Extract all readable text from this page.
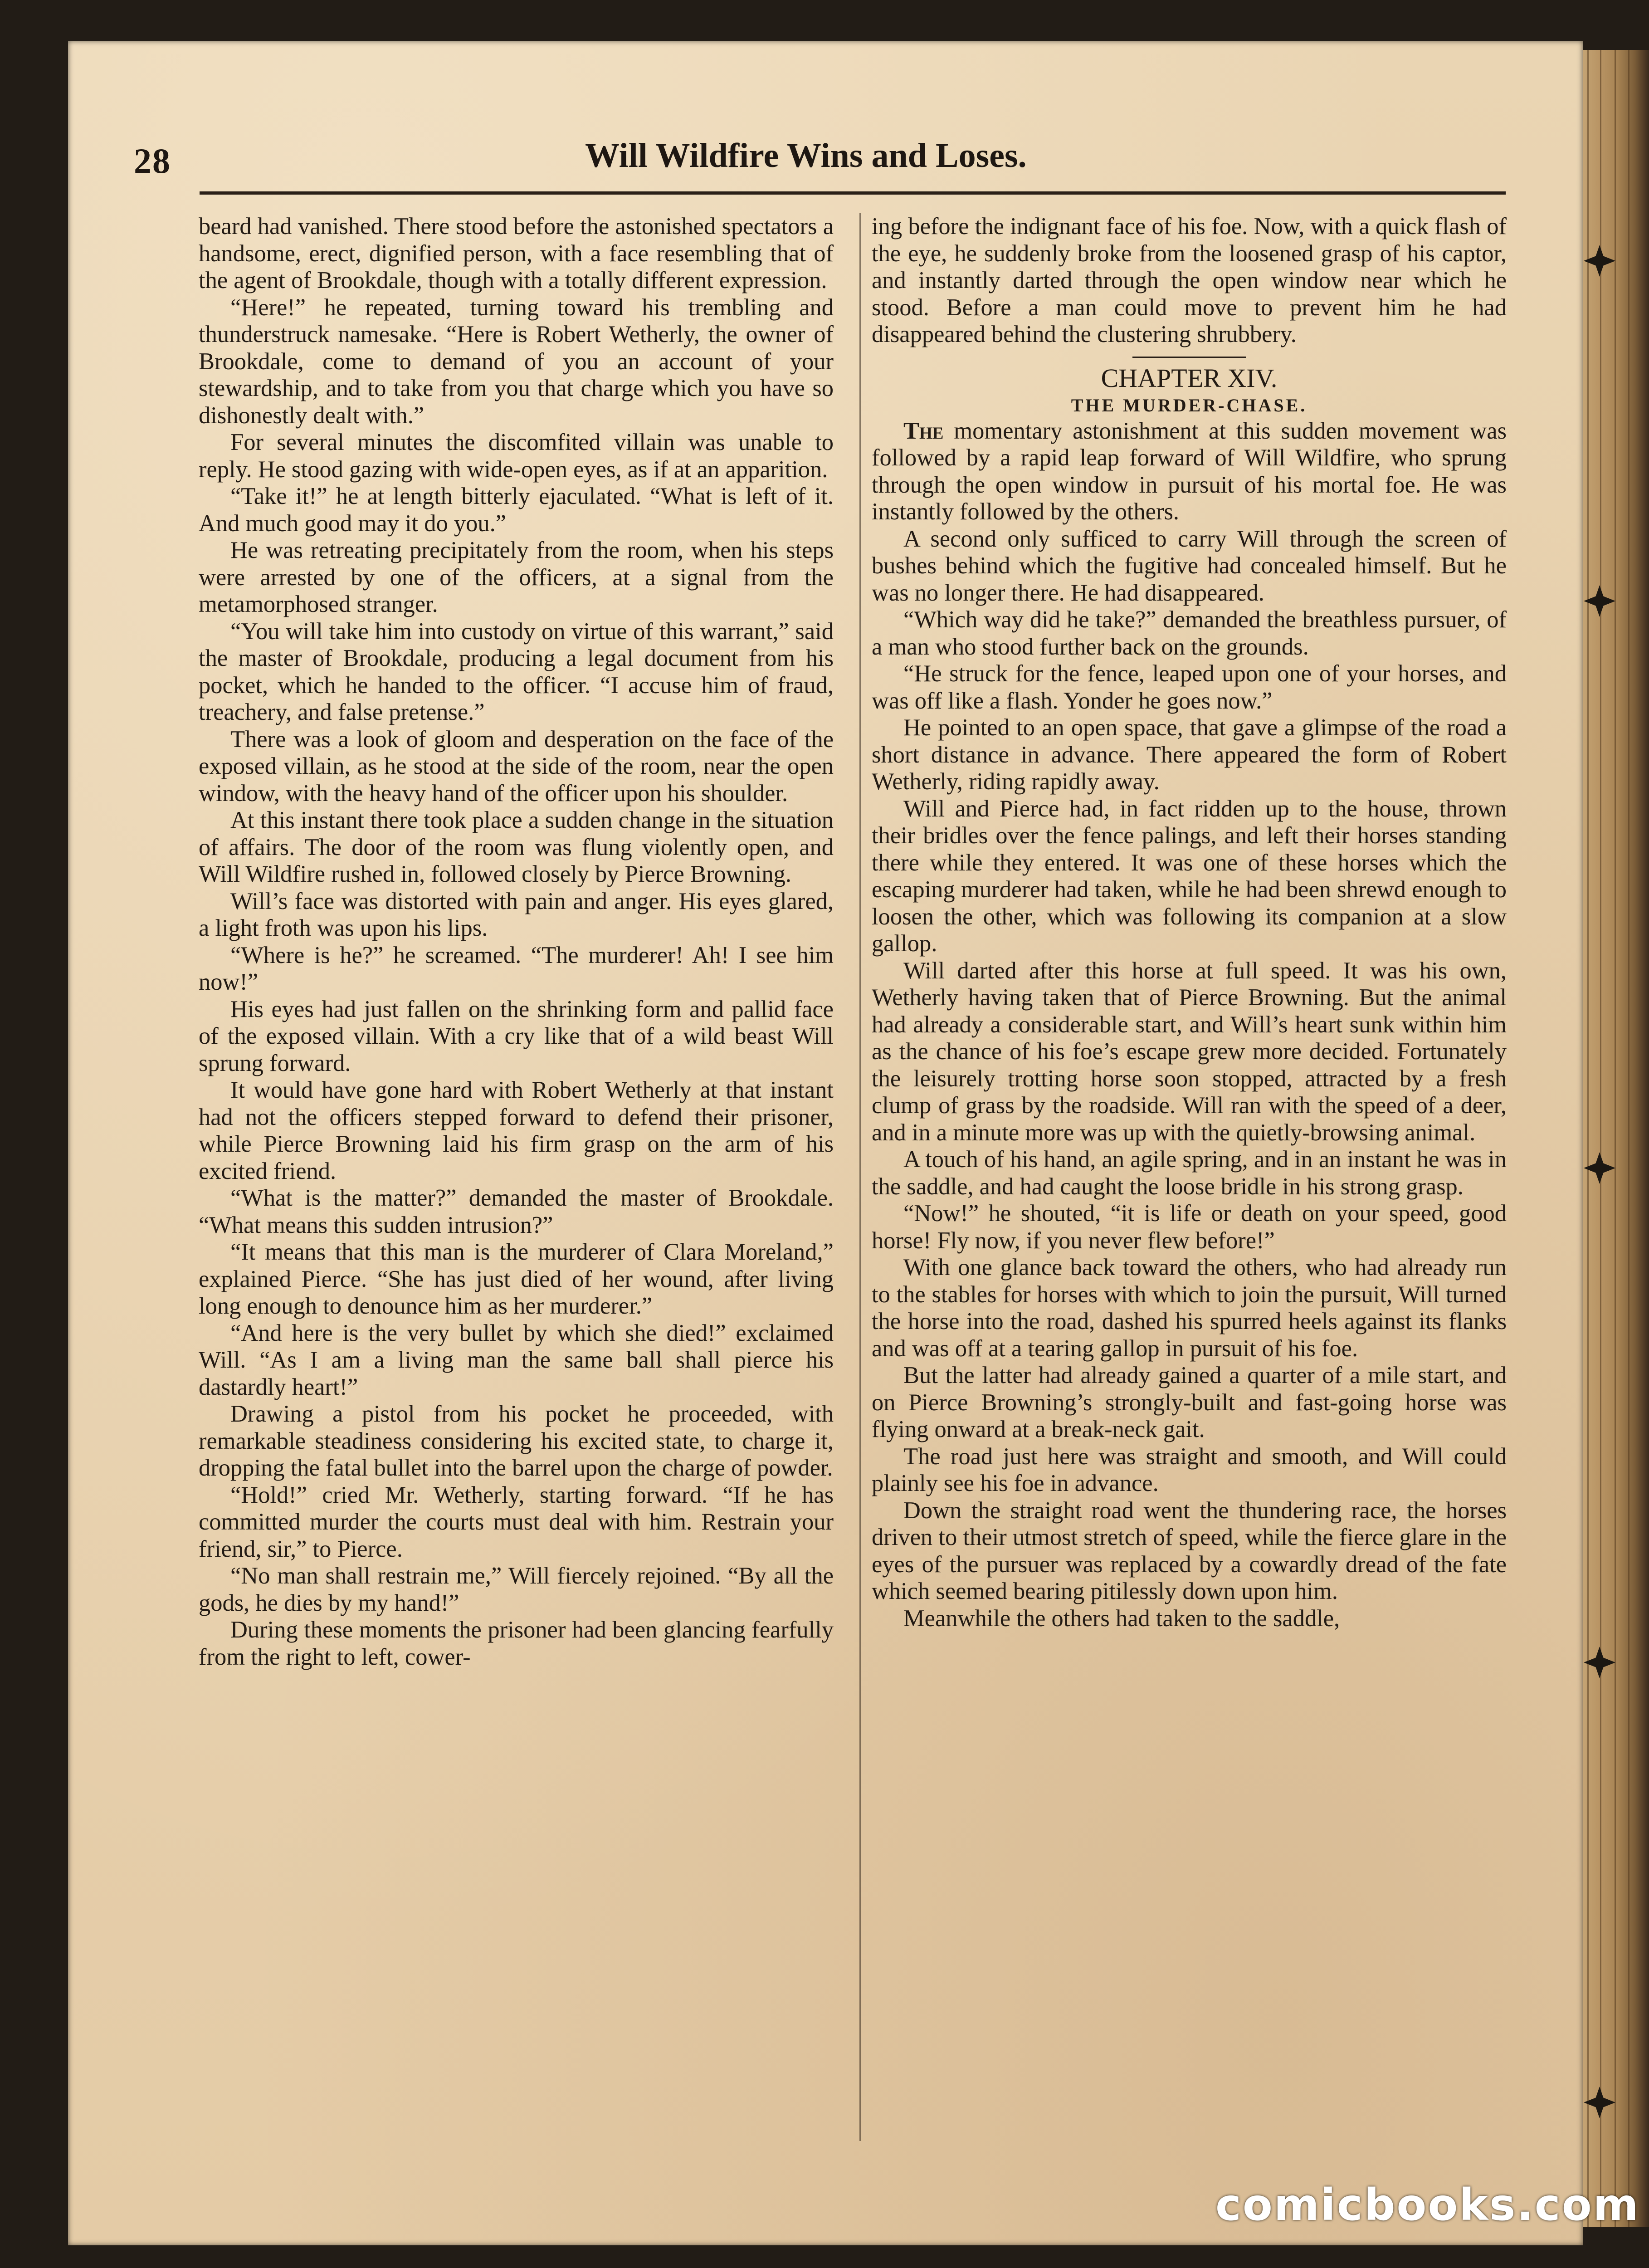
28	Will Wildfire Wins and Loses.

beard had vanished. There stood before the astonished spectators a handsome, erect, dignified person, with a face resembling that of the agent of Brookdale, though with a totally different expression.

“Here!” he repeated, turning toward his trembling and thunderstruck namesake. “Here is Robert Wetherly, the owner of Brookdale, come to demand of you an account of your stewardship, and to take from you that charge which you have so dishonestly dealt with.”

For several minutes the discomfited villain was unable to reply. He stood gazing with wide-open eyes, as if at an apparition.

“Take it!” he at length bitterly ejaculated. “What is left of it. And much good may it do you.”

He was retreating precipitately from the room, when his steps were arrested by one of the officers, at a signal from the metamorphosed stranger.

“You will take him into custody on virtue of this warrant,” said the master of Brookdale, producing a legal document from his pocket, which he handed to the officer. “I accuse him of fraud, treachery, and false pretense.”

There was a look of gloom and desperation on the face of the exposed villain, as he stood at the side of the room, near the open window, with the heavy hand of the officer upon his shoulder.

At this instant there took place a sudden change in the situation of affairs. The door of the room was flung violently open, and Will Wildfire rushed in, followed closely by Pierce Browning.

Will’s face was distorted with pain and anger. His eyes glared, a light froth was upon his lips.

“Where is he?” he screamed. “The murderer! Ah! I see him now!”

His eyes had just fallen on the shrinking form and pallid face of the exposed villain. With a cry like that of a wild beast Will sprung forward.

It would have gone hard with Robert Wetherly at that instant had not the officers stepped forward to defend their prisoner, while Pierce Browning laid his firm grasp on the arm of his excited friend.

“What is the matter?” demanded the master of Brookdale. “What means this sudden intrusion?”

“It means that this man is the murderer of Clara Moreland,” explained Pierce. “She has just died of her wound, after living long enough to denounce him as her murderer.”

“And here is the very bullet by which she died!” exclaimed Will. “As I am a living man the same ball shall pierce his dastardly heart!”

Drawing a pistol from his pocket he proceeded, with remarkable steadiness considering his excited state, to charge it, dropping the fatal bullet into the barrel upon the charge of powder.

“Hold!” cried Mr. Wetherly, starting forward. “If he has committed murder the courts must deal with him. Restrain your friend, sir,” to Pierce.

“No man shall restrain me,” Will fiercely rejoined. “By all the gods, he dies by my hand!”

During these moments the prisoner had been glancing fearfully from the right to left, cower-

ing before the indignant face of his foe. Now, with a quick flash of the eye, he suddenly broke from the loosened grasp of his captor, and instantly darted through the open window near which he stood. Before a man could move to prevent him he had disappeared behind the clustering shrubbery.

CHAPTER XIV.

THE MURDER-CHASE.

The momentary astonishment at this sudden movement was followed by a rapid leap forward of Will Wildfire, who sprung through the open window in pursuit of his mortal foe. He was instantly followed by the others.

A second only sufficed to carry Will through the screen of bushes behind which the fugitive had concealed himself. But he was no longer there. He had disappeared.

“Which way did he take?” demanded the breathless pursuer, of a man who stood further back on the grounds.

“He struck for the fence, leaped upon one of your horses, and was off like a flash. Yonder he goes now.”

He pointed to an open space, that gave a glimpse of the road a short distance in advance. There appeared the form of Robert Wetherly, riding rapidly away.

Will and Pierce had, in fact ridden up to the house, thrown their bridles over the fence palings, and left their horses standing there while they entered. It was one of these horses which the escaping murderer had taken, while he had been shrewd enough to loosen the other, which was following its companion at a slow gallop.

Will darted after this horse at full speed. It was his own, Wetherly having taken that of Pierce Browning. But the animal had already a considerable start, and Will’s heart sunk within him as the chance of his foe’s escape grew more decided. Fortunately the leisurely trotting horse soon stopped, attracted by a fresh clump of grass by the roadside. Will ran with the speed of a deer, and in a minute more was up with the quietly-browsing animal.

A touch of his hand, an agile spring, and in an instant he was in the saddle, and had caught the loose bridle in his strong grasp.

“Now!” he shouted, “it is life or death on your speed, good horse! Fly now, if you never flew before!”

With one glance back toward the others, who had already run to the stables for horses with which to join the pursuit, Will turned the horse into the road, dashed his spurred heels against its flanks and was off at a tearing gallop in pursuit of his foe.

But the latter had already gained a quarter of a mile start, and on Pierce Browning’s strongly-built and fast-going horse was flying onward at a break-neck gait.

The road just here was straight and smooth, and Will could plainly see his foe in advance.

Down the straight road went the thundering race, the horses driven to their utmost stretch of speed, while the fierce glare in the eyes of the pursuer was replaced by a cowardly dread of the fate which seemed bearing pitilessly down upon him.

Meanwhile the others had taken to the saddle,

comicbooks.com
